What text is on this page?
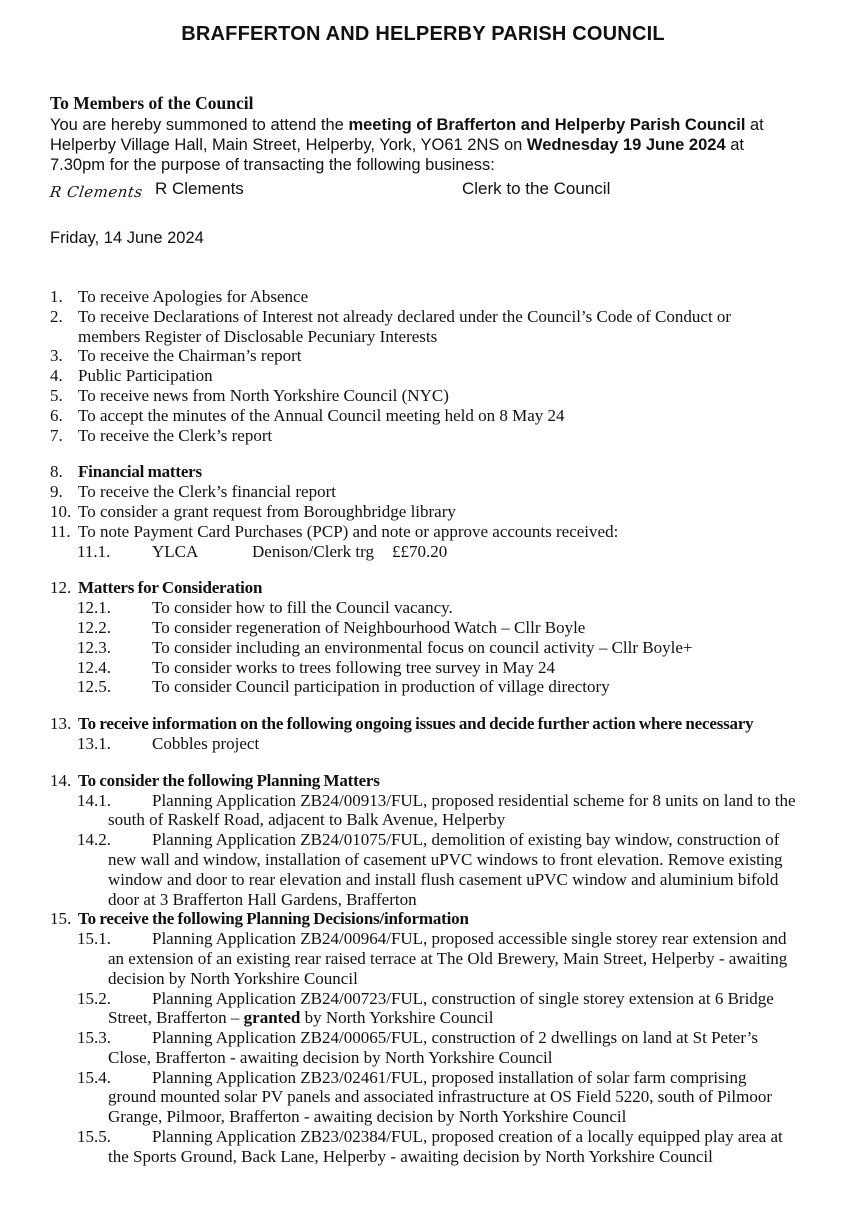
BRAFFERTON AND HELPERBY PARISH COUNCIL

To Members of the Council

You are hereby summoned to attend the meeting of Brafferton and Helperby Parish Council at Helperby Village Hall, Main Street, Helperby, York, YO61 2NS on Wednesday 19 June 2024 at 7.30pm for the purpose of transacting the following business:

R Clements R Clements	Clerk to the Council

Friday, 14 June 2024

1. To receive Apologies for Absence
2. To receive Declarations of Interest not already declared under the Council’s Code of Conduct or members Register of Disclosable Pecuniary Interests
3. To receive the Chairman’s report
4. Public Participation
5. To receive news from North Yorkshire Council (NYC)
6. To accept the minutes of the Annual Council meeting held on 8 May 24
7. To receive the Clerk’s report
8. Financial matters
9. To receive the Clerk’s financial report
10. To consider a grant request from Boroughbridge library
11. To note Payment Card Purchases (PCP) and note or approve accounts received:
11.1. YLCA	Denison/Clerk trg ££70.20
12. Matters for Consideration
12.1. To consider how to fill the Council vacancy.
12.2. To consider regeneration of Neighbourhood Watch – Cllr Boyle
12.3. To consider including an environmental focus on council activity – Cllr Boyle+
12.4. To consider works to trees following tree survey in May 24
12.5. To consider Council participation in production of village directory
13. To receive information on the following ongoing issues and decide further action where necessary
13.1. Cobbles project
14. To consider the following Planning Matters
14.1. Planning Application ZB24/00913/FUL, proposed residential scheme for 8 units on land to the south of Raskelf Road, adjacent to Balk Avenue, Helperby
14.2. Planning Application ZB24/01075/FUL, demolition of existing bay window, construction of new wall and window, installation of casement uPVC windows to front elevation. Remove existing window and door to rear elevation and install flush casement uPVC window and aluminium bifold door at 3 Brafferton Hall Gardens, Brafferton
15. To receive the following Planning Decisions/information
15.1. Planning Application ZB24/00964/FUL, proposed accessible single storey rear extension and an extension of an existing rear raised terrace at The Old Brewery, Main Street, Helperby - awaiting decision by North Yorkshire Council
15.2. Planning Application ZB24/00723/FUL, construction of single storey extension at 6 Bridge Street, Brafferton – granted by North Yorkshire Council
15.3. Planning Application ZB24/00065/FUL, construction of 2 dwellings on land at St Peter’s Close, Brafferton - awaiting decision by North Yorkshire Council
15.4. Planning Application ZB23/02461/FUL, proposed installation of solar farm comprising ground mounted solar PV panels and associated infrastructure at OS Field 5220, south of Pilmoor Grange, Pilmoor, Brafferton - awaiting decision by North Yorkshire Council
15.5. Planning Application ZB23/02384/FUL, proposed creation of a locally equipped play area at the Sports Ground, Back Lane, Helperby - awaiting decision by North Yorkshire Council
